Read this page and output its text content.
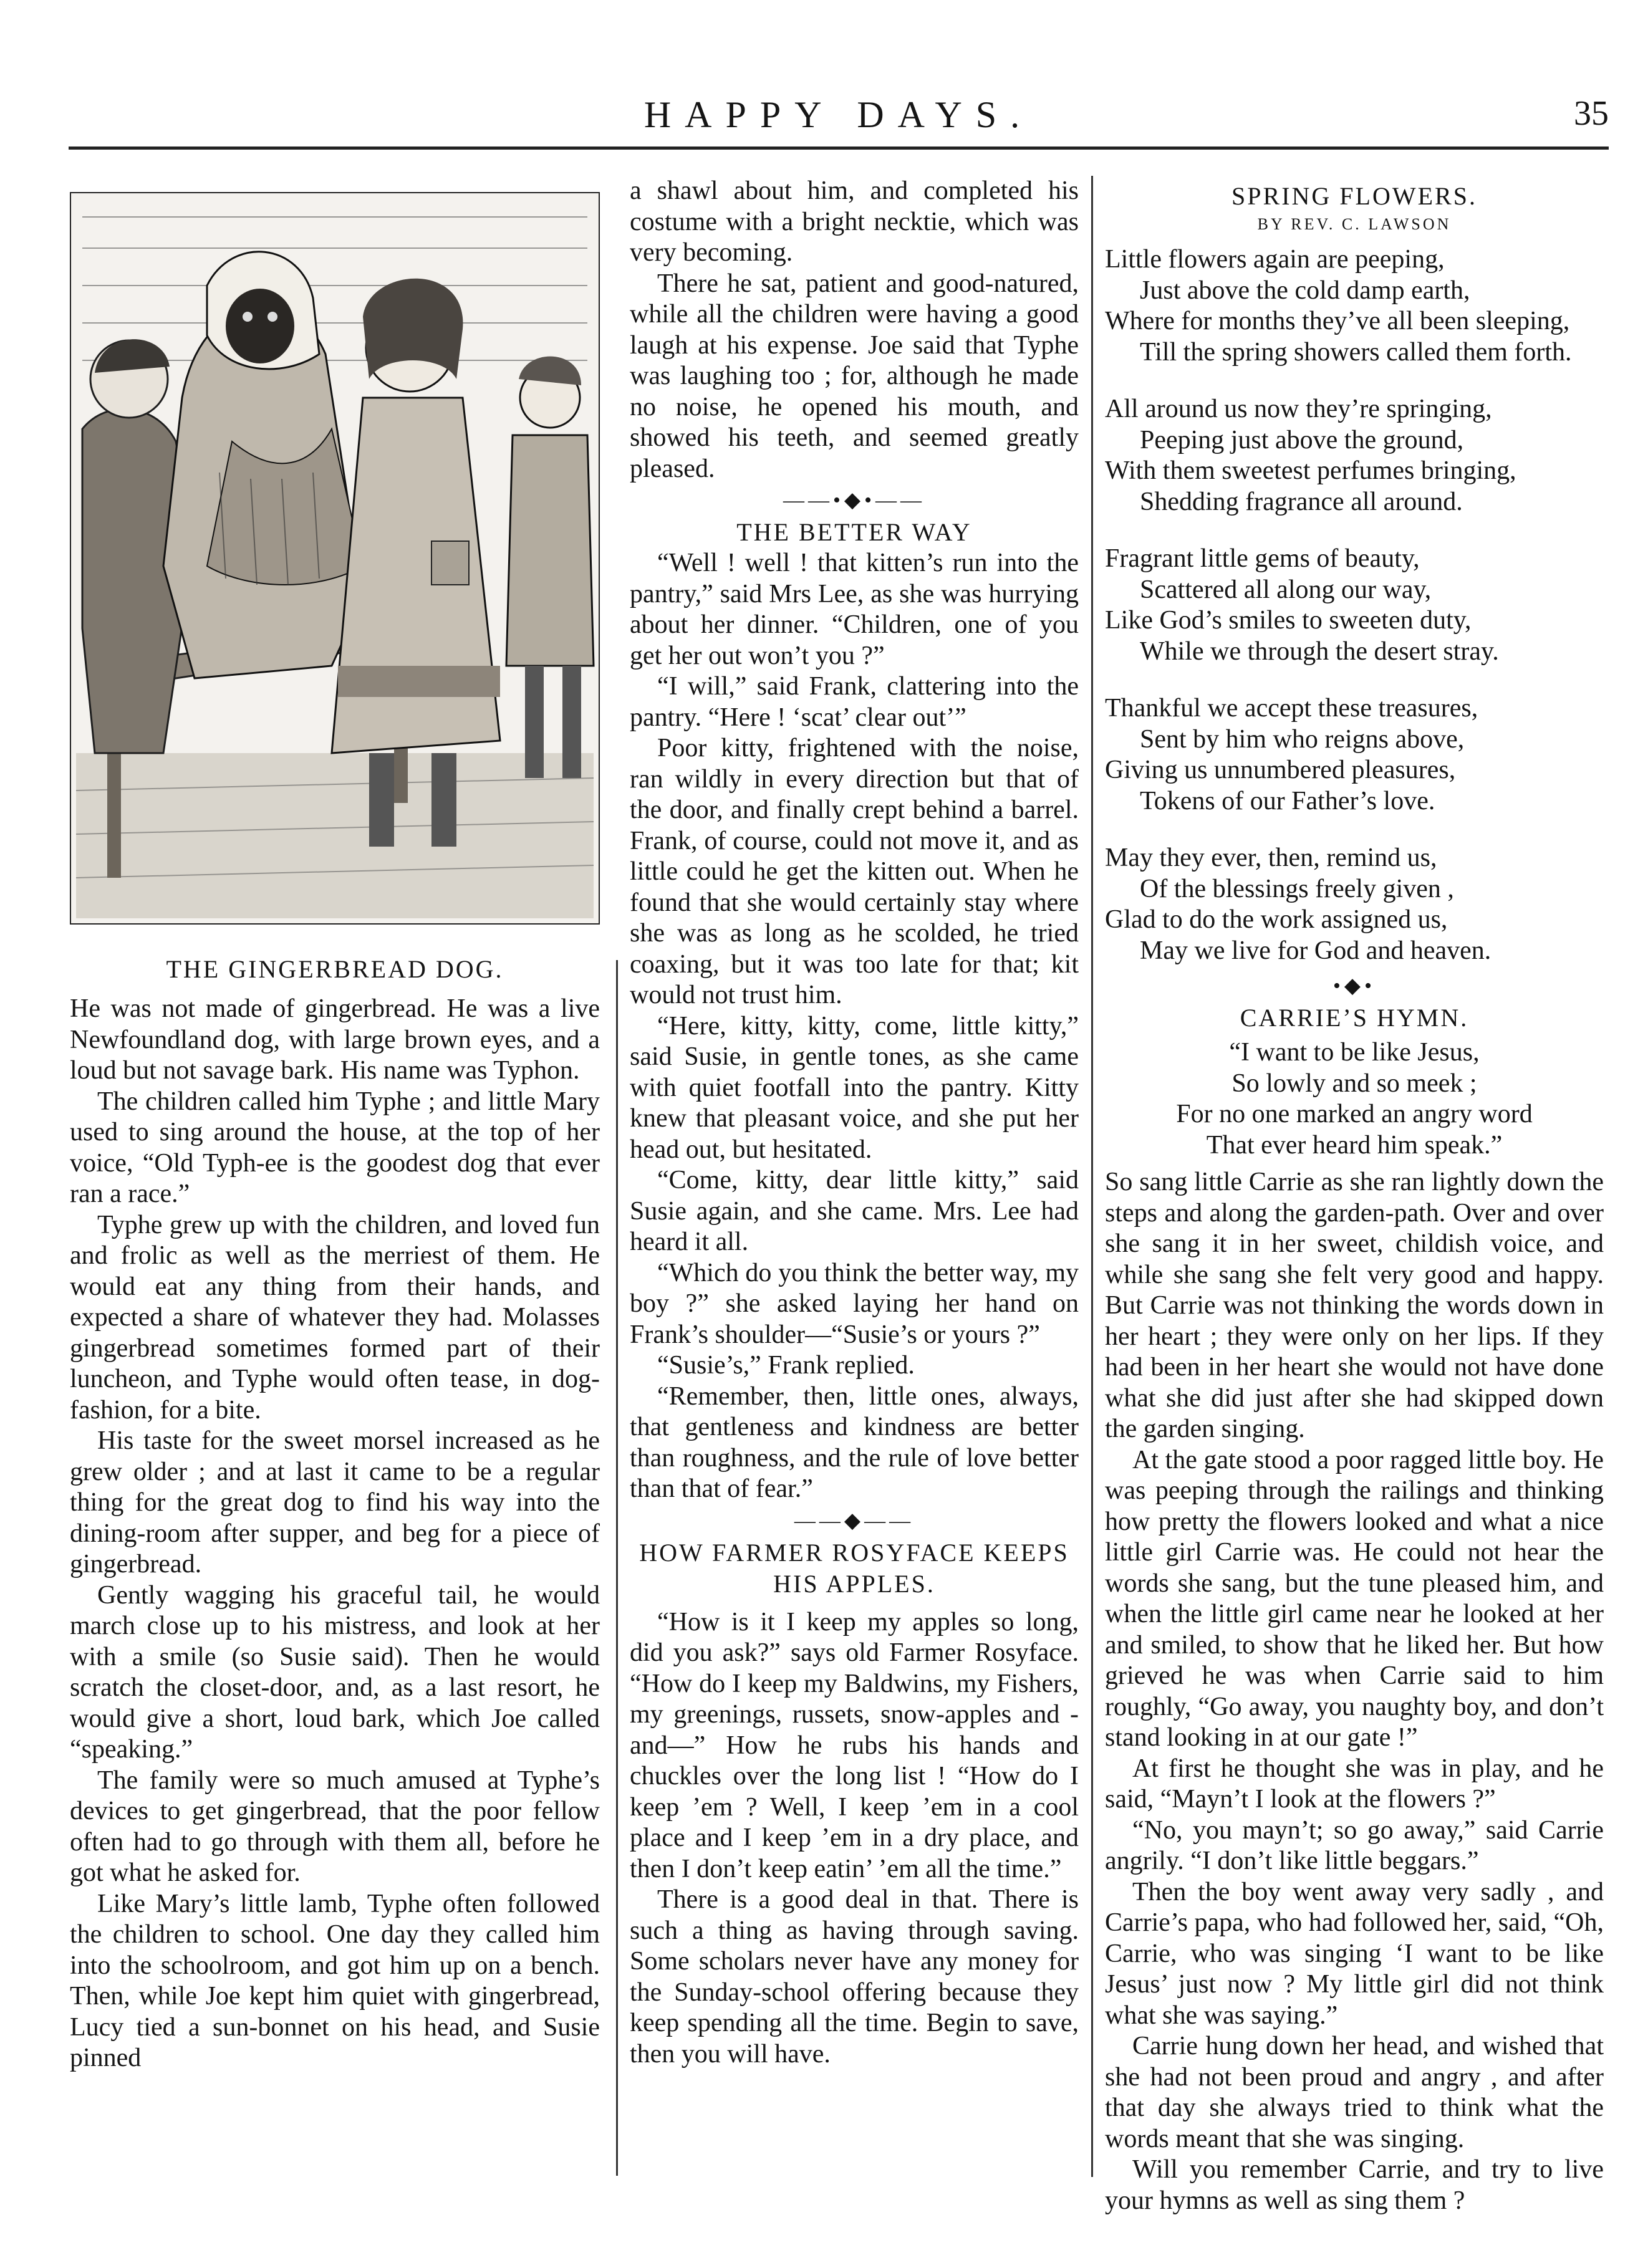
HAPPY DAYS.	35
THE GINGERBREAD DOG.

He was not made of gingerbread. He was a live Newfoundland dog, with large brown eyes, and a loud but not savage bark. His name was Typhon.

The children called him Typhe ; and little Mary used to sing around the house, at the top of her voice, “Old Typh-ee is the goodest dog that ever ran a race.”

Typhe grew up with the children, and loved fun and frolic as well as the merriest of them. He would eat any thing from their hands, and expected a share of whatever they had. Molasses gingerbread sometimes formed part of their luncheon, and Typhe would often tease, in dog-fashion, for a bite.

His taste for the sweet morsel increased as he grew older ; and at last it came to be a regular thing for the great dog to find his way into the dining-room after supper, and beg for a piece of gingerbread.

Gently wagging his graceful tail, he would march close up to his mistress, and look at her with a smile (so Susie said). Then he would scratch the closet-door, and, as a last resort, he would give a short, loud bark, which Joe called “speaking.”

The family were so much amused at Typhe’s devices to get gingerbread, that the poor fellow often had to go through with them all, before he got what he asked for.

Like Mary’s little lamb, Typhe often followed the children to school. One day they called him into the schoolroom, and got him up on a bench. Then, while Joe kept him quiet with gingerbread, Lucy tied a sun-bonnet on his head, and Susie pinned

a shawl about him, and completed his costume with a bright necktie, which was very becoming.

There he sat, patient and good-natured, while all the children were having a good laugh at his expense. Joe said that Typhe was laughing too ; for, although he made no noise, he opened his mouth, and showed his teeth, and seemed greatly pleased.

——•◆•——
THE BETTER WAY

“Well ! well ! that kitten’s run into the pantry,” said Mrs Lee, as she was hurrying about her dinner. “Children, one of you get her out won’t you ?”

“I will,” said Frank, clattering into the pantry. “Here ! ‘scat’ clear out’”

Poor kitty, frightened with the noise, ran wildly in every direction but that of the door, and finally crept behind a barrel. Frank, of course, could not move it, and as little could he get the kitten out. When he found that she would certainly stay where she was as long as he scolded, he tried coaxing, but it was too late for that; kit would not trust him.

“Here, kitty, kitty, come, little kitty,” said Susie, in gentle tones, as she came with quiet footfall into the pantry. Kitty knew that pleasant voice, and she put her head out, but hesitated.

“Come, kitty, dear little kitty,” said Susie again, and she came. Mrs. Lee had heard it all.

“Which do you think the better way, my boy ?” she asked laying her hand on Frank’s shoulder—“Susie’s or yours ?”

“Susie’s,” Frank replied.

“Remember, then, little ones, always, that gentleness and kindness are better than roughness, and the rule of love better than that of fear.”

——◆——
HOW FARMER ROSYFACE KEEPS
HIS APPLES.

“How is it I keep my apples so long, did you ask?” says old Farmer Rosyface. “How do I keep my Baldwins, my Fishers, my greenings, russets, snow-apples and -and—” How he rubs his hands and chuckles over the long list ! “How do I keep ’em ? Well, I keep ’em in a cool place and I keep ’em in a dry place, and then I don’t keep eatin’ ’em all the time.”

There is a good deal in that. There is such a thing as having through saving. Some scholars never have any money for the Sunday-school offering because they keep spending all the time. Begin to save, then you will have.

SPRING FLOWERS.
BY REV. C. LAWSON

Little flowers again are peeping,

Just above the cold damp earth,

Where for months they’ve all been sleeping,

Till the spring showers called them forth.

All around us now they’re springing,

Peeping just above the ground,

With them sweetest perfumes bringing,

Shedding fragrance all around.

Fragrant little gems of beauty,

Scattered all along our way,

Like God’s smiles to sweeten duty,

While we through the desert stray.

Thankful we accept these treasures,

Sent by him who reigns above,

Giving us unnumbered pleasures,

Tokens of our Father’s love.

May they ever, then, remind us,

Of the blessings freely given ,

Glad to do the work assigned us,

May we live for God and heaven.

•◆•
CARRIE’S HYMN.

“I want to be like Jesus,

So lowly and so meek ;

For no one marked an angry word

That ever heard him speak.”

So sang little Carrie as she ran lightly down the steps and along the garden-path. Over and over she sang it in her sweet, childish voice, and while she sang she felt very good and happy. But Carrie was not thinking the words down in her heart ; they were only on her lips. If they had been in her heart she would not have done what she did just after she had skipped down the garden singing.

At the gate stood a poor ragged little boy. He was peeping through the railings and thinking how pretty the flowers looked and what a nice little girl Carrie was. He could not hear the words she sang, but the tune pleased him, and when the little girl came near he looked at her and smiled, to show that he liked her. But how grieved he was when Carrie said to him roughly, “Go away, you naughty boy, and don’t stand looking in at our gate !”

At first he thought she was in play, and he said, “Mayn’t I look at the flowers ?”

“No, you mayn’t; so go away,” said Carrie angrily. “I don’t like little beggars.”

Then the boy went away very sadly , and Carrie’s papa, who had followed her, said, “Oh, Carrie, who was singing ‘I want to be like Jesus’ just now ? My little girl did not think what she was saying.”

Carrie hung down her head, and wished that she had not been proud and angry , and after that day she always tried to think what the words meant that she was singing.

Will you remember Carrie, and try to live your hymns as well as sing them ?
